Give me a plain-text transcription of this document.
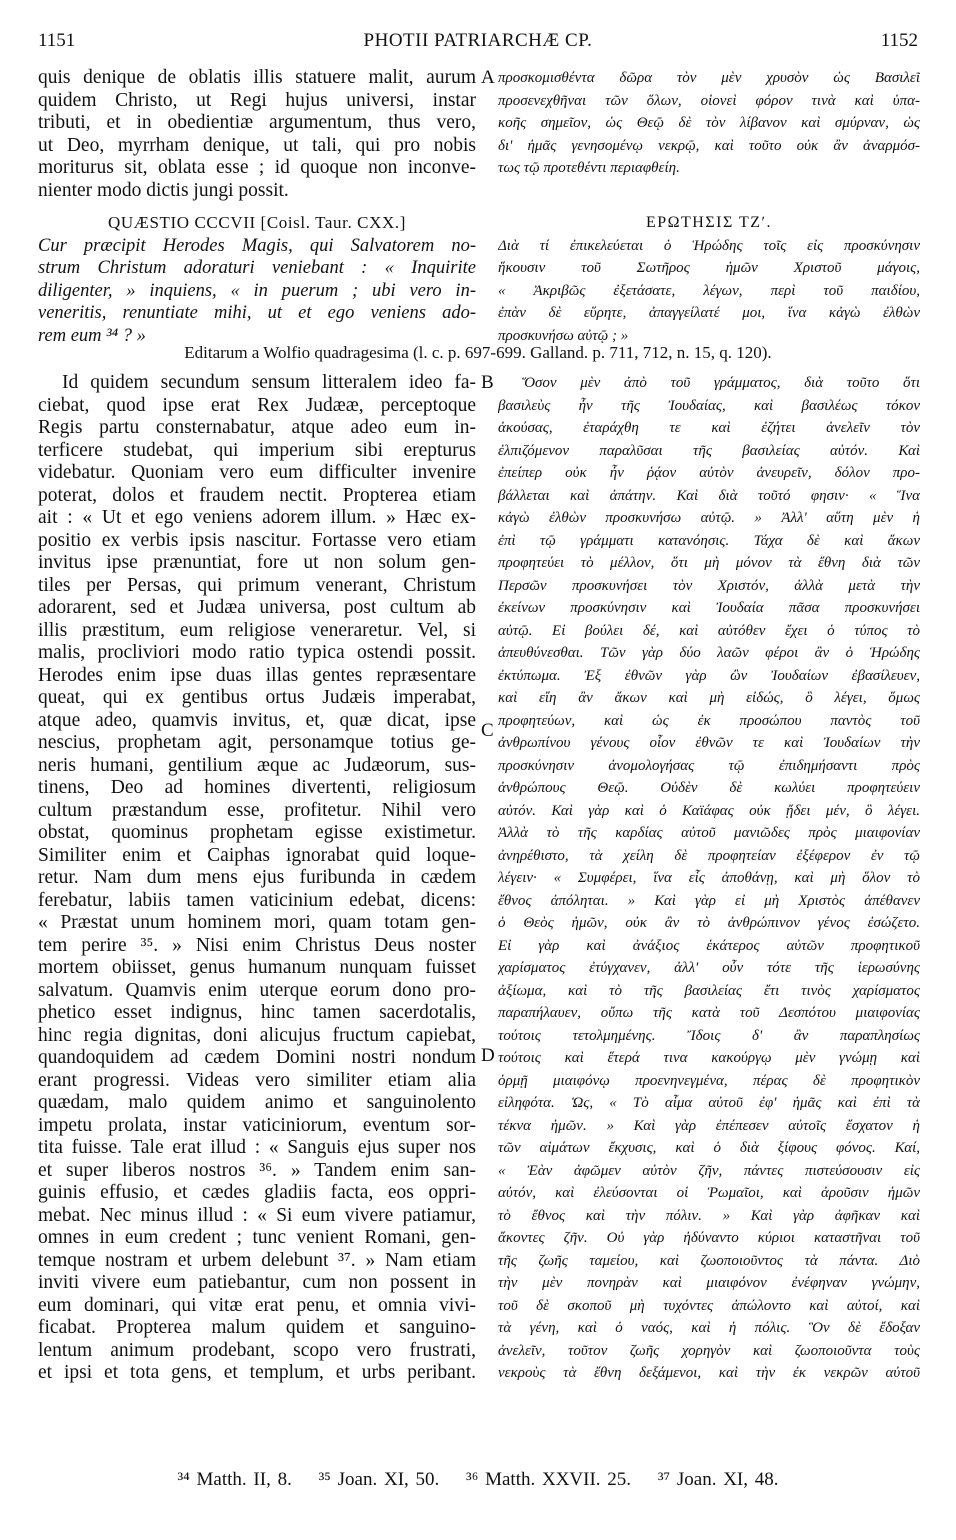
1151	PHOTII PATRIARCHÆ CP.	1152
quis denique de oblatis illis statuere malit, aurum
quidem Christo, ut Regi hujus universi, instar
tributi, et in obedientiæ argumentum, thus vero,
ut Deo, myrrham denique, ut tali, qui pro nobis
moriturus sit, oblata esse ; id quoque non inconve-
nienter modo dictis jungi possit.
QUÆSTIO CCCVII [Coisl. Taur. CXX.]
Cur præcipit Herodes Magis, qui Salvatorem no-
strum Christum adoraturi veniebant : « Inquirite
diligenter, » inquiens, « in puerum ; ubi vero in-
veneritis, renuntiate mihi, ut et ego veniens ado-
rem eum ³⁴ ? »
προσκομισθέντα δῶρα τὸν μὲν χρυσὸν ὡς Βασιλεῖ
προσενεχθῆναι τῶν ὅλων, οἱονεὶ φόρον τινὰ καὶ ὑπα-
κοῆς σημεῖον, ὡς Θεῷ δὲ τὸν λίβανον καὶ σμύρναν, ὡς
δι' ἡμᾶς γενησομένῳ νεκρῷ, καὶ τοῦτο οὐκ ἂν ἀναρμόσ-
τως τῷ προτεθέντι περιαφθείη.
ΕΡΩΤΗΣΙΣ ΤΖʹ.
Διὰ τί ἐπικελεύεται ὁ Ἡρώδης τοῖς εἰς προσκύνησιν
ἥκουσιν τοῦ Σωτῆρος ἡμῶν Χριστοῦ μάγοις,
« Ἀκριβῶς ἐξετάσατε, λέγων, περὶ τοῦ παιδίου,
ἐπὰν δὲ εὕρητε, ἀπαγγείλατέ μοι, ἵνα κἀγὼ ἐλθὼν
προσκυνήσω αὐτῷ ; »
Editarum a Wolfio quadragesima (l. c. p. 697-699. Galland. p. 711, 712, n. 15, q. 120).
Id quidem secundum sensum litteralem ideo fa-
ciebat, quod ipse erat Rex Judææ, perceptoque
Regis partu consternabatur, atque adeo eum in-
terficere studebat, qui imperium sibi erepturus
videbatur. Quoniam vero eum difficulter invenire
poterat, dolos et fraudem nectit. Propterea etiam
ait : « Ut et ego veniens adorem illum. » Hæc ex-
positio ex verbis ipsis nascitur. Fortasse vero etiam
invitus ipse prænuntiat, fore ut non solum gen-
tiles per Persas, qui primum venerant, Christum
adorarent, sed et Judæa universa, post cultum ab
illis præstitum, eum religiose veneraretur. Vel, si
malis, procliviori modo ratio typica ostendi possit.
Herodes enim ipse duas illas gentes repræsentare
queat, qui ex gentibus ortus Judæis imperabat,
atque adeo, quamvis invitus, et, quæ dicat, ipse
nescius, prophetam agit, personamque totius ge-
neris humani, gentilium æque ac Judæorum, sus-
tinens, Deo ad homines divertenti, religiosum
cultum præstandum esse, profitetur. Nihil vero
obstat, quominus prophetam egisse existimetur.
Similiter enim et Caiphas ignorabat quid loque-
retur. Nam dum mens ejus furibunda in cædem
ferebatur, labiis tamen vaticinium edebat, dicens:
« Præstat unum hominem mori, quam totam gen-
tem perire ³⁵. » Nisi enim Christus Deus noster
mortem obiisset, genus humanum nunquam fuisset
salvatum. Quamvis enim uterque eorum dono pro-
phetico esset indignus, hinc tamen sacerdotalis,
hinc regia dignitas, doni alicujus fructum capiebat,
quandoquidem ad cædem Domini nostri nondum
erant progressi. Videas vero similiter etiam alia
quædam, malo quidem animo et sanguinolento
impetu prolata, instar vaticiniorum, eventum sor-
tita fuisse. Tale erat illud : « Sanguis ejus super nos
et super liberos nostros ³⁶. » Tandem enim san-
guinis effusio, et cædes gladiis facta, eos oppri-
mebat. Nec minus illud : « Si eum vivere patiamur,
omnes in eum credent ; tunc venient Romani, gen-
temque nostram et urbem delebunt ³⁷. » Nam etiam
inviti vivere eum patiebantur, cum non possent in
eum dominari, qui vitæ erat penu, et omnia vivi-
ficabat. Propterea malum quidem et sanguino-
lentum animum prodebant, scopo vero frustrati,
et ipsi et tota gens, et templum, et urbs peribant.
Ὅσον μὲν ἀπὸ τοῦ γράμματος, διὰ τοῦτο ὅτι
βασιλεὺς ἦν τῆς Ἰουδαίας, καὶ βασιλέως τόκον
ἀκούσας, ἐταράχθη τε καὶ ἐζήτει ἀνελεῖν τὸν
ἐλπιζόμενον παραλῦσαι τῆς βασιλείας αὐτόν. Καὶ
ἐπείπερ οὐκ ἦν ῥᾴον αὐτὸν ἀνευρεῖν, δόλον προ-
βάλλεται καὶ ἀπάτην. Καὶ διὰ τοῦτό φησιν· « Ἵνα
κἀγὼ ἐλθὼν προσκυνήσω αὐτῷ. » Ἀλλ' αὕτη μὲν ἡ
ἐπὶ τῷ γράμματι κατανόησις. Τάχα δὲ καὶ ἄκων
προφητεύει τὸ μέλλον, ὅτι μὴ μόνον τὰ ἔθνη διὰ τῶν
Περσῶν προσκυνήσει τὸν Χριστόν, ἀλλὰ μετὰ τὴν
ἐκείνων προσκύνησιν καὶ Ἰουδαία πᾶσα προσκυνήσει
αὐτῷ. Εἰ βούλει δέ, καὶ αὐτόθεν ἔχει ὁ τύπος τὸ
ἀπευθύνεσθαι. Τῶν γὰρ δύο λαῶν φέροι ἂν ὁ Ἡρώδης
ἐκτύπωμα. Ἐξ ἐθνῶν γὰρ ὢν Ἰουδαίων ἐβασίλευεν,
καὶ εἴη ἂν ἄκων καὶ μὴ εἰδώς, ὃ λέγει, ὅμως
προφητεύων, καὶ ὡς ἐκ προσώπου παντὸς τοῦ
ἀνθρωπίνου γένους οἷον ἐθνῶν τε καὶ Ἰουδαίων τὴν
προσκύνησιν ἀνομολογήσας τῷ ἐπιδημήσαντι πρὸς
ἀνθρώπους Θεῷ. Οὐδὲν δὲ κωλύει προφητεύειν
αὐτόν. Καὶ γὰρ καὶ ὁ Καϊάφας οὐκ ᾔδει μέν, ὃ λέγει.
Ἀλλὰ τὸ τῆς καρδίας αὐτοῦ μανιῶδες πρὸς μιαιφονίαν
ἀνηρέθιστο, τὰ χείλη δὲ προφητείαν ἐξέφερον ἐν τῷ
λέγειν· « Συμφέρει, ἵνα εἷς ἀποθάνῃ, καὶ μὴ ὅλον τὸ
ἔθνος ἀπόληται. » Καὶ γὰρ εἰ μὴ Χριστὸς ἀπέθανεν
ὁ Θεὸς ἡμῶν, οὐκ ἂν τὸ ἀνθρώπινον γένος ἐσώζετο.
Εἰ γὰρ καὶ ἀνάξιος ἑκάτερος αὐτῶν προφητικοῦ
χαρίσματος ἐτύγχανεν, ἀλλ' οὖν τότε τῆς ἱερωσύνης
ἀξίωμα, καὶ τὸ τῆς βασιλείας ἔτι τινὸς χαρίσματος
παραπήλαυεν, οὔπω τῆς κατὰ τοῦ Δεσπότου μιαιφονίας
τούτοις τετολμημένης. Ἴδοις δ' ἂν παραπλησίως
τούτοις καὶ ἕτερά τινα κακούργῳ μὲν γνώμῃ καὶ
ὁρμῇ μιαιφόνῳ προενηνεγμένα, πέρας δὲ προφητικὸν
εἰληφότα. Ὡς, « Τὸ αἷμα αὐτοῦ ἐφ' ἡμᾶς καὶ ἐπὶ τὰ
τέκνα ἡμῶν. » Καὶ γὰρ ἐπέπεσεν αὐτοῖς ἔσχατον ἡ
τῶν αἱμάτων ἔκχυσις, καὶ ὁ διὰ ξίφους φόνος. Καί,
« Ἐὰν ἀφῶμεν αὐτὸν ζῆν, πάντες πιστεύσουσιν εἰς
αὐτόν, καὶ ἐλεύσονται οἱ Ῥωμαῖοι, καὶ ἀροῦσιν ἡμῶν
τὸ ἔθνος καὶ τὴν πόλιν. » Καὶ γὰρ ἀφῆκαν καὶ
ἄκοντες ζῆν. Οὐ γὰρ ἠδύναντο κύριοι καταστῆναι τοῦ
τῆς ζωῆς ταμείου, καὶ ζωοποιοῦντος τὰ πάντα. Διὸ
τὴν μὲν πονηρὰν καὶ μιαιφόνον ἐνέφηναν γνώμην,
τοῦ δὲ σκοποῦ μὴ τυχόντες ἀπώλοντο καὶ αὐτοί, καὶ
τὰ γένη, καὶ ὁ ναός, καὶ ἡ πόλις. Ὃν δὲ ἔδοξαν
ἀνελεῖν, τοῦτον ζωῆς χορηγὸν καὶ ζωοποιοῦντα τοὺς
νεκροὺς τὰ ἔθνη δεξάμενοι, καὶ τὴν ἐκ νεκρῶν αὐτοῦ
A
B
C
D
³⁴ Matth. II, 8. ³⁵ Joan. XI, 50. ³⁶ Matth. XXVII. 25. ³⁷ Joan. XI, 48.
